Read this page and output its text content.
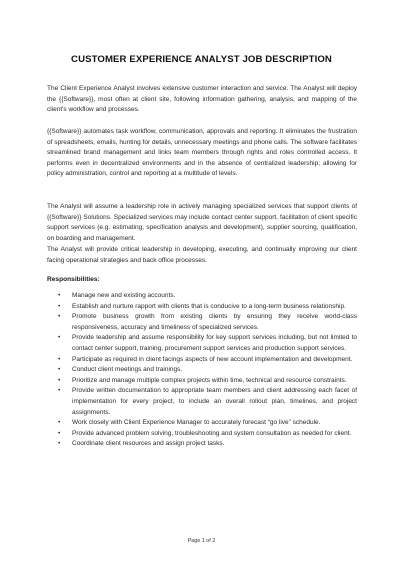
CUSTOMER EXPERIENCE ANALYST JOB DESCRIPTION

The Client Experience Analyst involves extensive customer interaction and service. The Analyst will deploy the {{Software}}, most often at client site, following information gathering, analysis, and mapping of the client's workflow and processes.

{{Software}} automates task workflow, communication, approvals and reporting. It eliminates the frustration of spreadsheets, emails, hunting for details, unnecessary meetings and phone calls. The software facilitates streamlined brand management and links team members through rights and roles controlled access. It performs even in decentralized environments and in the absence of centralized leadership; allowing for policy administration, control and reporting at a multitude of levels.

The Analyst will assume a leadership role in actively managing specialized services that support clients of {{Software}} Solutions. Specialized services may include contact center support, facilitation of client specific support services (e.g. estimating, specification analysis and development), supplier sourcing, qualification, on boarding and management.

The Analyst will provide critical leadership in developing, executing, and continually improving our client facing operational strategies and back office processes.

Responsibilities:

• Manage new and existing accounts.
• Establish and nurture rapport with clients that is conducive to a long-term business relationship.
• Promote business growth from existing clients by ensuring they receive world-class responsiveness, accuracy and timeliness of specialized services.
• Provide leadership and assume responsibility for key support services including, but not limited to contact center support, training, procurement support services and production support services.
• Participate as required in client facings aspects of new account implementation and development.
• Conduct client meetings and trainings.
• Prioritize and manage multiple complex projects within time, technical and resource constraints.
• Provide written documentation to appropriate team members and client addressing each facet of implementation for every project, to include an overall rollout plan, timelines, and project assignments.
• Work closely with Client Experience Manager to accurately forecast “go live” schedule.
• Provide advanced problem solving, troubleshooting and system consultation as needed for client.
• Coordinate client resources and assign project tasks.

Page 1 of 2
